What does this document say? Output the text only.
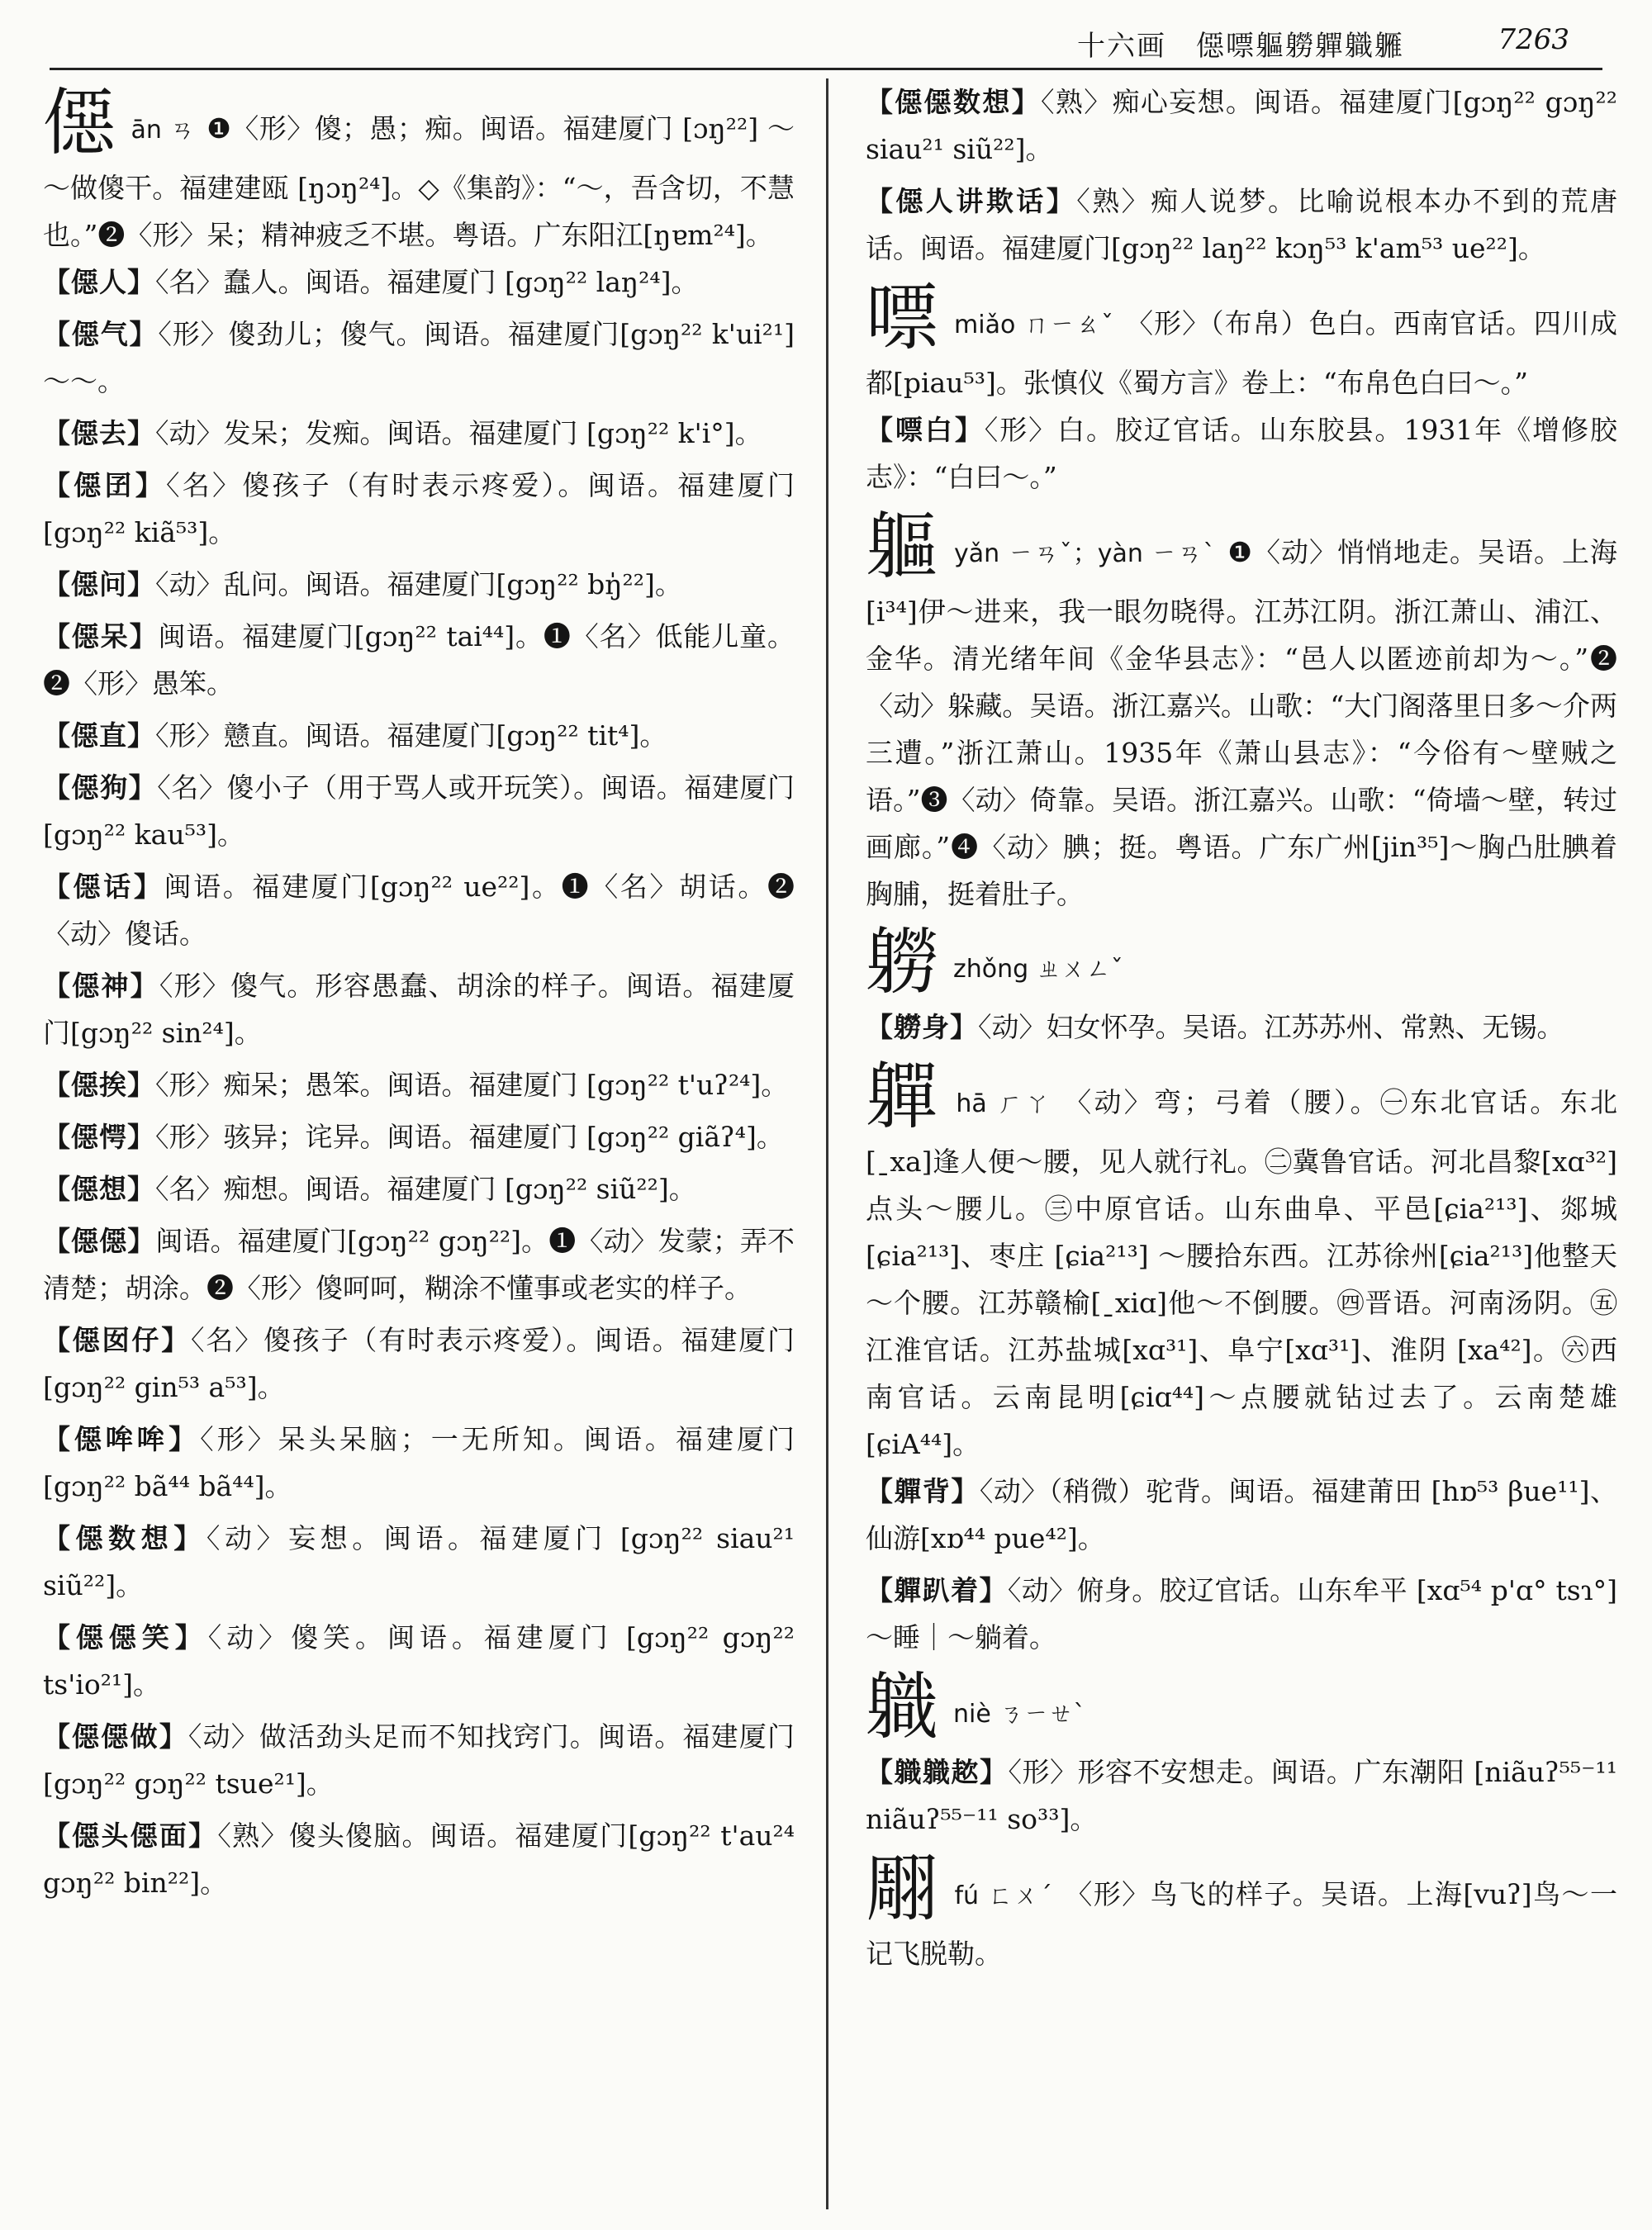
十六画　僫嘌軀軂軃軄軅	7263
僫ān ㄢ ❶〈形〉傻；愚；痴。闽语。福建厦门 [ɔŋ²²] ～～做傻干。福建建瓯 [ŋɔŋ²⁴]。◇《集韵》：“～，吾含切，不慧也。”❷〈形〉呆；精神疲乏不堪。粤语。广东阳江[ŋɐm²⁴]。
【僫人】〈名〉蠢人。闽语。福建厦门 [gɔŋ²² laŋ²⁴]。
【僫气】〈形〉傻劲儿；傻气。闽语。福建厦门[gɔŋ²² k'ui²¹]～～。
【僫去】〈动〉发呆；发痴。闽语。福建厦门 [gɔŋ²² k'i°]。
【僫囝】〈名〉傻孩子（有时表示疼爱）。闽语。福建厦门[gɔŋ²² kiã⁵³]。
【僫问】〈动〉乱问。闽语。福建厦门[gɔŋ²² bŋ̍²²]。
【僫呆】闽语。福建厦门[gɔŋ²² tai⁴⁴]。❶〈名〉低能儿童。❷〈形〉愚笨。
【僫直】〈形〉戆直。闽语。福建厦门[gɔŋ²² tit⁴]。
【僫狗】〈名〉傻小子（用于骂人或开玩笑）。闽语。福建厦门[gɔŋ²² kau⁵³]。
【僫话】闽语。福建厦门[gɔŋ²² ue²²]。❶〈名〉胡话。❷〈动〉傻话。
【僫神】〈形〉傻气。形容愚蠢、胡涂的样子。闽语。福建厦门[gɔŋ²² sin²⁴]。
【僫挨】〈形〉痴呆；愚笨。闽语。福建厦门 [gɔŋ²² t'uʔ²⁴]。
【僫愕】〈形〉骇异；诧异。闽语。福建厦门 [gɔŋ²² giãʔ⁴]。
【僫想】〈名〉痴想。闽语。福建厦门 [gɔŋ²² siũ²²]。
【僫僫】闽语。福建厦门[gɔŋ²² gɔŋ²²]。❶〈动〉发蒙；弄不清楚；胡涂。❷〈形〉傻呵呵，糊涂不懂事或老实的样子。
【僫囡仔】〈名〉傻孩子（有时表示疼爱）。闽语。福建厦门[gɔŋ²² gin⁵³ a⁵³]。
【僫哞哞】〈形〉呆头呆脑；一无所知。闽语。福建厦门[gɔŋ²² bã⁴⁴ bã⁴⁴]。
【僫数想】〈动〉妄想。闽语。福建厦门 [gɔŋ²² siau²¹ siũ²²]。
【僫僫笑】〈动〉傻笑。闽语。福建厦门 [gɔŋ²² gɔŋ²² ts'io²¹]。
【僫僫做】〈动〉做活劲头足而不知找窍门。闽语。福建厦门[gɔŋ²² gɔŋ²² tsue²¹]。
【僫头僫面】〈熟〉傻头傻脑。闽语。福建厦门[gɔŋ²² t'au²⁴ gɔŋ²² bin²²]。
【僫僫数想】〈熟〉痴心妄想。闽语。福建厦门[gɔŋ²² gɔŋ²² siau²¹ siũ²²]。
【僫人讲欺话】〈熟〉痴人说梦。比喻说根本办不到的荒唐话。闽语。福建厦门[gɔŋ²² laŋ²² kɔŋ⁵³ k'am⁵³ ue²²]。
嘌miǎo ㄇㄧㄠˇ 〈形〉（布帛）色白。西南官话。四川成都[piau⁵³]。张慎仪《蜀方言》卷上：“布帛色白曰～。”
【嘌白】〈形〉白。胶辽官话。山东胶县。1931年《增修胶志》：“白曰～。”
軀yǎn ㄧㄢˇ；yàn ㄧㄢˋ ❶〈动〉悄悄地走。吴语。上海[i³⁴]伊～进来，我一眼勿晓得。江苏江阴。浙江萧山、浦江、金华。清光绪年间《金华县志》：“邑人以匿迹前却为～。”❷〈动〉躲藏。吴语。浙江嘉兴。山歌：“大门阁落里日多～介两三遭。”浙江萧山。1935年《萧山县志》：“今俗有～壁贼之语。”❸〈动〉倚靠。吴语。浙江嘉兴。山歌：“倚墙～壁，转过画廊。”❹〈动〉腆；挺。粤语。广东广州[jin³⁵]～胸凸肚腆着胸脯，挺着肚子。
軂zhǒng ㄓㄨㄥˇ
【軂身】〈动〉妇女怀孕。吴语。江苏苏州、常熟、无锡。
軃hā ㄏㄚ 〈动〉弯；弓着（腰）。㊀东北官话。东北[ˍxa]逢人便～腰，见人就行礼。㊁冀鲁官话。河北昌黎[xɑ³²]点头～腰儿。㊂中原官话。山东曲阜、平邑[ɕia²¹³]、郯城[ɕia²¹³]、枣庄 [ɕia²¹³] ～腰拾东西。江苏徐州[ɕia²¹³]他整天～个腰。江苏赣榆[ˍxiɑ]他～不倒腰。㊃晋语。河南汤阴。㊄江淮官话。江苏盐城[xɑ³¹]、阜宁[xɑ³¹]、淮阴 [xa⁴²]。㊅西南官话。云南昆明[ɕiɑ⁴⁴]～点腰就钻过去了。云南楚雄[ɕiA⁴⁴]。
【軃背】〈动〉（稍微）驼背。闽语。福建莆田 [hɒ⁵³ βue¹¹]、仙游[xɒ⁴⁴ pue⁴²]。
【軃趴着】〈动〉俯身。胶辽官话。山东牟平 [xɑ⁵⁴ p'ɑ° tsɿ°]～睡｜～躺着。
軄niè ㄋㄧㄝˋ
【軄軄趑】〈形〉形容不安想走。闽语。广东潮阳 [niãuʔ⁵⁵⁻¹¹ niãuʔ⁵⁵⁻¹¹ so³³]。
翢fú ㄈㄨˊ 〈形〉鸟飞的样子。吴语。上海[vuʔ]鸟～一记飞脱勒。
